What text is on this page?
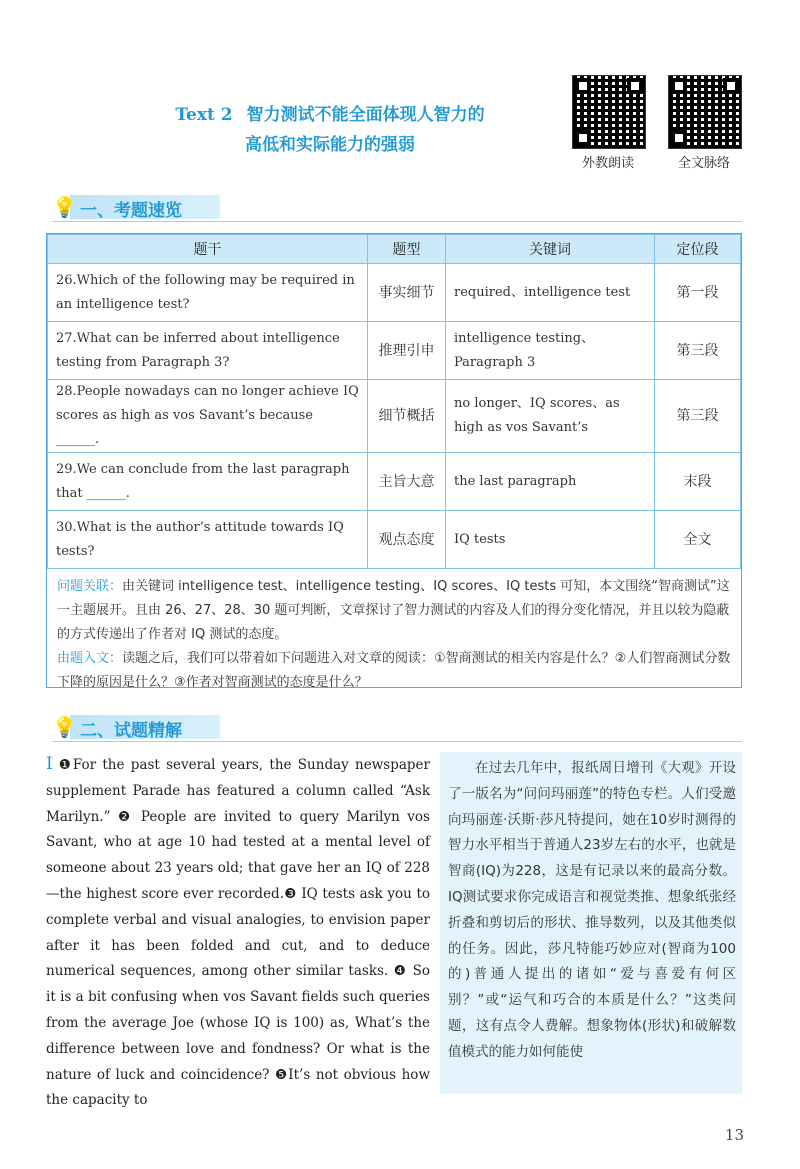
Text 2 智力测试不能全面体现人智力的
高低和实际能力的强弱
外教朗读	全文脉络
💡 一、考题速览
题干	题型	关键词	定位段
26.Which of the following may be required in an intelligence test?	事实细节	required、intelligence test	第一段
27.What can be inferred about intelligence testing from Paragraph 3?	推理引申	intelligence testing、Paragraph 3	第三段
28.People nowadays can no longer achieve IQ scores as high as vos Savant’s because ______.	细节概括	no longer、IQ scores、as high as vos Savant’s	第三段
29.We can conclude from the last paragraph that ______.	主旨大意	the last paragraph	末段
30.What is the author’s attitude towards IQ tests?	观点态度	IQ tests	全文
问题关联：由关键词 intelligence test、intelligence testing、IQ scores、IQ tests 可知，本文围绕“智商测试”这一主题展开。且由 26、27、28、30 题可判断，文章探讨了智力测试的内容及人们的得分变化情况，并且以较为隐蔽的方式传递出了作者对 IQ 测试的态度。
由题入文：读题之后，我们可以带着如下问题进入对文章的阅读：①智商测试的相关内容是什么？②人们智商测试分数下降的原因是什么？③作者对智商测试的态度是什么？
💡 二、试题精解
Ⅰ ❶For the past several years, the Sunday newspaper supplement Parade has featured a column called “Ask Marilyn.” ❷ People are invited to query Marilyn vos Savant, who at age 10 had tested at a mental level of someone about 23 years old; that gave her an IQ of 228—the highest score ever recorded.❸ IQ tests ask you to complete verbal and visual analogies, to envision paper after it has been folded and cut, and to deduce numerical sequences, among other similar tasks. ❹ So it is a bit confusing when vos Savant fields such queries from the average Joe (whose IQ is 100) as, What’s the difference between love and fondness? Or what is the nature of luck and coincidence? ❺It’s not obvious how the capacity to
在过去几年中，报纸周日增刊《大观》开设了一版名为“问问玛丽莲”的特色专栏。人们受邀向玛丽莲·沃斯·莎凡特提问，她在10岁时测得的智力水平相当于普通人23岁左右的水平，也就是智商(IQ)为228，这是有记录以来的最高分数。IQ测试要求你完成语言和视觉类推、想象纸张经折叠和剪切后的形状、推导数列，以及其他类似的任务。因此，莎凡特能巧妙应对(智商为100的)普通人提出的诸如“爱与喜爱有何区别？”或“运气和巧合的本质是什么？”这类问题，这有点令人费解。想象物体(形状)和破解数值模式的能力如何能使
13
